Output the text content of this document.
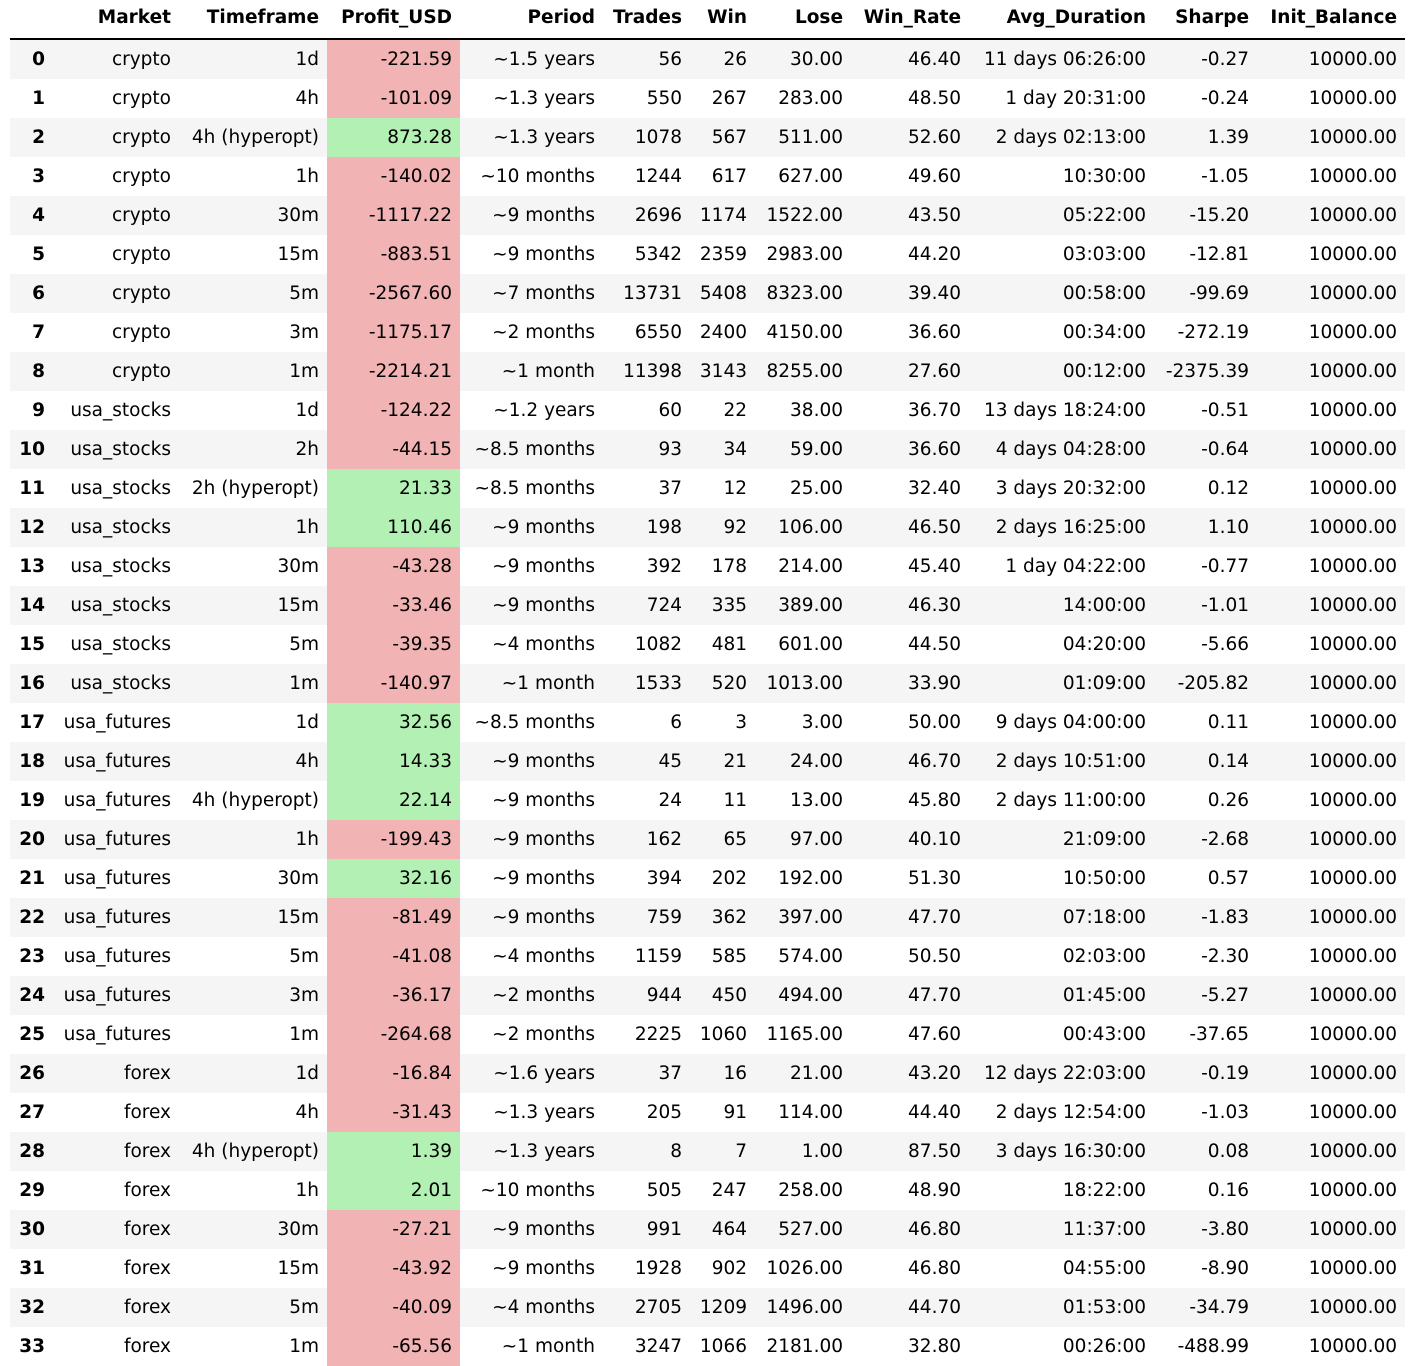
	Market	Timeframe	Profit_USD	Period	Trades	Win	Lose	Win_Rate	Avg_Duration	Sharpe	Init_Balance
0	crypto	1d	-221.59	~1.5 years	56	26	30.00	46.40	11 days 06:26:00	-0.27	10000.00
1	crypto	4h	-101.09	~1.3 years	550	267	283.00	48.50	1 day 20:31:00	-0.24	10000.00
2	crypto	4h (hyperopt)	873.28	~1.3 years	1078	567	511.00	52.60	2 days 02:13:00	1.39	10000.00
3	crypto	1h	-140.02	~10 months	1244	617	627.00	49.60	10:30:00	-1.05	10000.00
4	crypto	30m	-1117.22	~9 months	2696	1174	1522.00	43.50	05:22:00	-15.20	10000.00
5	crypto	15m	-883.51	~9 months	5342	2359	2983.00	44.20	03:03:00	-12.81	10000.00
6	crypto	5m	-2567.60	~7 months	13731	5408	8323.00	39.40	00:58:00	-99.69	10000.00
7	crypto	3m	-1175.17	~2 months	6550	2400	4150.00	36.60	00:34:00	-272.19	10000.00
8	crypto	1m	-2214.21	~1 month	11398	3143	8255.00	27.60	00:12:00	-2375.39	10000.00
9	usa_stocks	1d	-124.22	~1.2 years	60	22	38.00	36.70	13 days 18:24:00	-0.51	10000.00
10	usa_stocks	2h	-44.15	~8.5 months	93	34	59.00	36.60	4 days 04:28:00	-0.64	10000.00
11	usa_stocks	2h (hyperopt)	21.33	~8.5 months	37	12	25.00	32.40	3 days 20:32:00	0.12	10000.00
12	usa_stocks	1h	110.46	~9 months	198	92	106.00	46.50	2 days 16:25:00	1.10	10000.00
13	usa_stocks	30m	-43.28	~9 months	392	178	214.00	45.40	1 day 04:22:00	-0.77	10000.00
14	usa_stocks	15m	-33.46	~9 months	724	335	389.00	46.30	14:00:00	-1.01	10000.00
15	usa_stocks	5m	-39.35	~4 months	1082	481	601.00	44.50	04:20:00	-5.66	10000.00
16	usa_stocks	1m	-140.97	~1 month	1533	520	1013.00	33.90	01:09:00	-205.82	10000.00
17	usa_futures	1d	32.56	~8.5 months	6	3	3.00	50.00	9 days 04:00:00	0.11	10000.00
18	usa_futures	4h	14.33	~9 months	45	21	24.00	46.70	2 days 10:51:00	0.14	10000.00
19	usa_futures	4h (hyperopt)	22.14	~9 months	24	11	13.00	45.80	2 days 11:00:00	0.26	10000.00
20	usa_futures	1h	-199.43	~9 months	162	65	97.00	40.10	21:09:00	-2.68	10000.00
21	usa_futures	30m	32.16	~9 months	394	202	192.00	51.30	10:50:00	0.57	10000.00
22	usa_futures	15m	-81.49	~9 months	759	362	397.00	47.70	07:18:00	-1.83	10000.00
23	usa_futures	5m	-41.08	~4 months	1159	585	574.00	50.50	02:03:00	-2.30	10000.00
24	usa_futures	3m	-36.17	~2 months	944	450	494.00	47.70	01:45:00	-5.27	10000.00
25	usa_futures	1m	-264.68	~2 months	2225	1060	1165.00	47.60	00:43:00	-37.65	10000.00
26	forex	1d	-16.84	~1.6 years	37	16	21.00	43.20	12 days 22:03:00	-0.19	10000.00
27	forex	4h	-31.43	~1.3 years	205	91	114.00	44.40	2 days 12:54:00	-1.03	10000.00
28	forex	4h (hyperopt)	1.39	~1.3 years	8	7	1.00	87.50	3 days 16:30:00	0.08	10000.00
29	forex	1h	2.01	~10 months	505	247	258.00	48.90	18:22:00	0.16	10000.00
30	forex	30m	-27.21	~9 months	991	464	527.00	46.80	11:37:00	-3.80	10000.00
31	forex	15m	-43.92	~9 months	1928	902	1026.00	46.80	04:55:00	-8.90	10000.00
32	forex	5m	-40.09	~4 months	2705	1209	1496.00	44.70	01:53:00	-34.79	10000.00
33	forex	1m	-65.56	~1 month	3247	1066	2181.00	32.80	00:26:00	-488.99	10000.00
